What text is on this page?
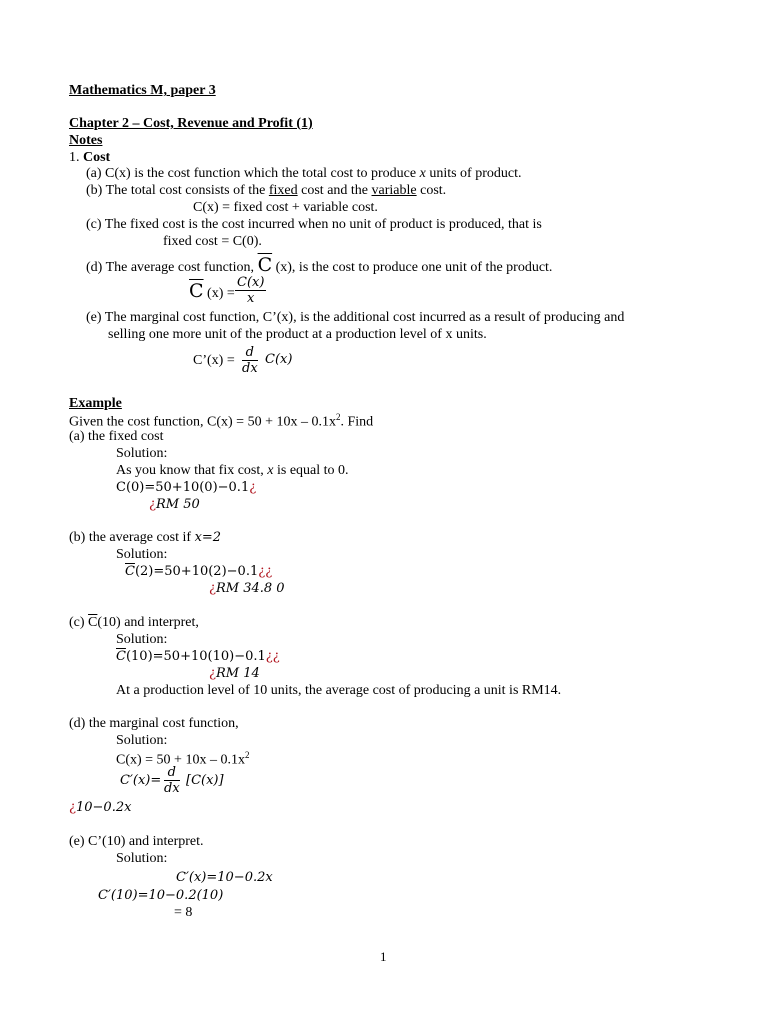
Mathematics M, paper 3
Chapter 2 – Cost, Revenue and Profit (1)
Notes
1. Cost
(a) C(x) is the cost function which the total cost to produce x units of product.
(b) The total cost consists of the fixed cost and the variable cost.
C(x) = fixed cost + variable cost.
(c) The fixed cost is the cost incurred when no unit of product is produced, that is
fixed cost = C(0).
(d) The average cost function, $\overline{C}$ (x), is the cost to produce one unit of the product.
$\overline{C}$ (x) =
C(x)
x
(e) The marginal cost function, C’(x), is the additional cost incurred as a result of producing and
selling one more unit of the product at a production level of x units.
C’(x) =
d
dx
C(x)
Example
Given the cost function, $C(x) = 50 + 10x - 0.1x^2$. Find
(a) the fixed cost
Solution:
As you know that fix cost, x is equal to 0.
C(0)=50+10(0)−0.1¿
¿RM 50
(b) the average cost if x=2
Solution:
$\overline{C}(2)=50+10(2)-0.1¿¿$
¿RM 34.8 0
(c) $\overline{C}(10)$ and interpret,
Solution:
$\overline{C}(10)=50+10(10)-0.1¿¿$
¿RM 14
At a production level of 10 units, the average cost of producing a unit is RM14.
(d) the marginal cost function,
Solution:
$C(x) = 50 + 10x - 0.1x^2$
C′(x)=
d
dx
[C(x)]
¿10−0.2x
(e) C’(10) and interpret.
Solution:
C′(x)=10−0.2x
C′(10)=10−0.2(10)
= 8
1
